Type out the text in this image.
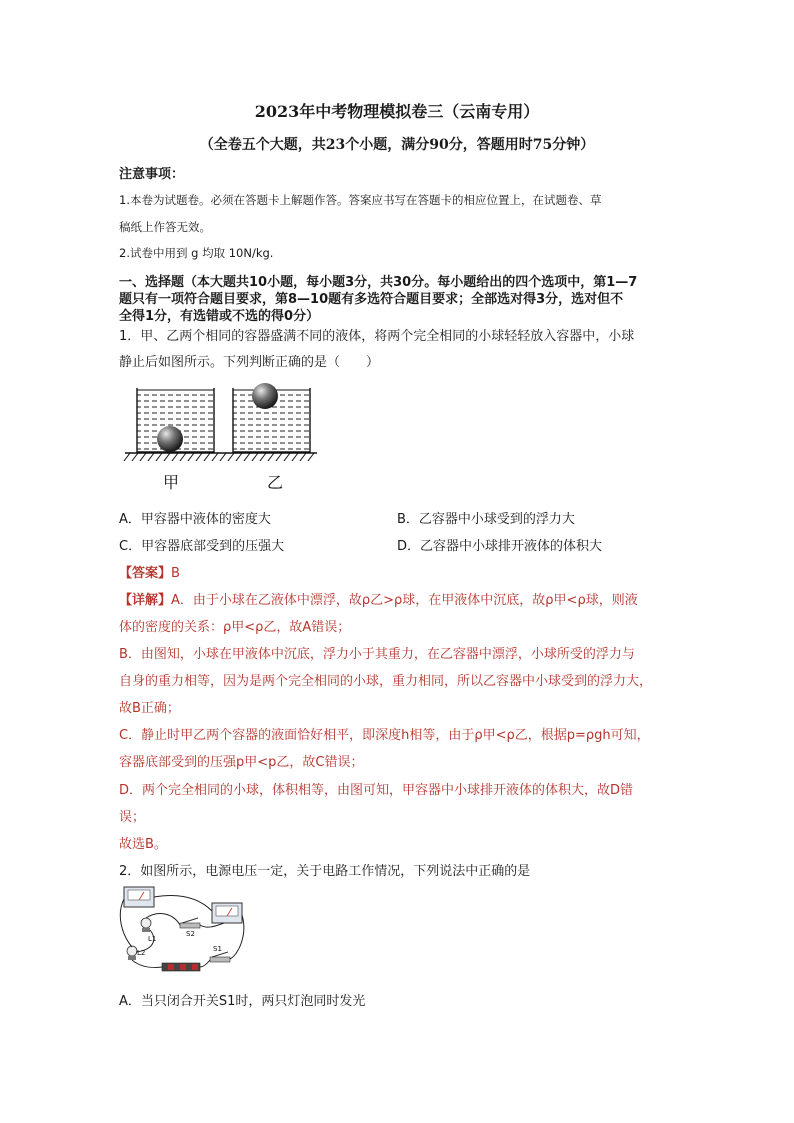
2023年中考物理模拟卷三（云南专用）
（全卷五个大题，共23个小题，满分90分，答题用时75分钟）
注意事项：
1.本卷为试题卷。必须在答题卡上解题作答。答案应书写在答题卡的相应位置上，在试题卷、草
稿纸上作答无效。
2.试卷中用到 g 均取 10N/kg.
一、选择题（本大题共10小题，每小题3分，共30分。每小题给出的四个选项中，第1—7
题只有一项符合题目要求，第8—10题有多选符合题目要求；全部选对得3分，选对但不
全得1分，有选错或不选的得0分）
1．甲、乙两个相同的容器盛满不同的液体，将两个完全相同的小球轻轻放入容器中，小球
静止后如图所示。下列判断正确的是（　　）
甲	乙
A．甲容器中液体的密度大	B．乙容器中小球受到的浮力大
C．甲容器底部受到的压强大	D．乙容器中小球排开液体的体积大
【答案】B
【详解】A．由于小球在乙液体中漂浮，故ρ乙>ρ球，在甲液体中沉底，故ρ甲<ρ球，则液
体的密度的关系：ρ甲<ρ乙，故A错误；
B．由图知，小球在甲液体中沉底，浮力小于其重力，在乙容器中漂浮，小球所受的浮力与
自身的重力相等，因为是两个完全相同的小球，重力相同，所以乙容器中小球受到的浮力大，
故B正确；
C．静止时甲乙两个容器的液面恰好相平，即深度h相等，由于ρ甲<ρ乙，根据p=ρgh可知，
容器底部受到的压强p甲<p乙，故C错误；
D．两个完全相同的小球，体积相等，由图可知，甲容器中小球排开液体的体积大，故D错
误；
故选B。
2．如图所示，电源电压一定，关于电路工作情况，下列说法中正确的是
L1
L2
S2
S1
A．当只闭合开关S1时，两只灯泡同时发光
